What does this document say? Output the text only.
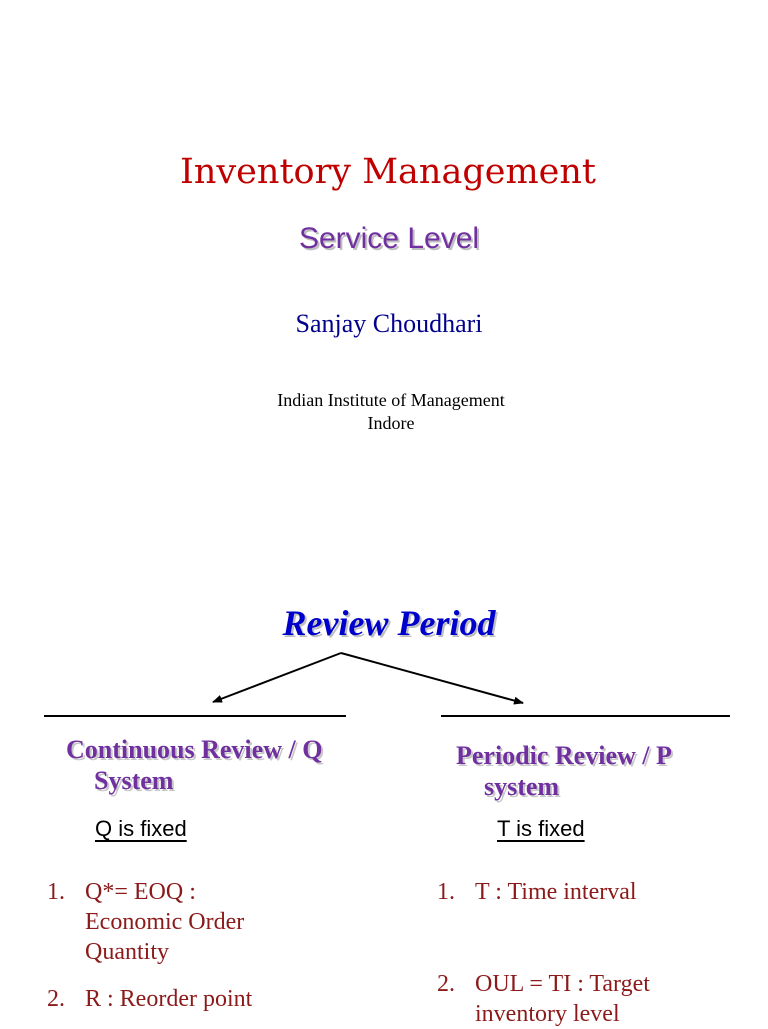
Inventory Management
Service Level
Sanjay Choudhari
Indian Institute of Management
Indore
Review Period
Continuous Review / Q
System
Q is fixed
1. Q*= EOQ :
Economic Order
Quantity
2. R : Reorder point
Periodic Review / P
system
T is fixed
1. T : Time interval
2. OUL = TI : Target
inventory level
